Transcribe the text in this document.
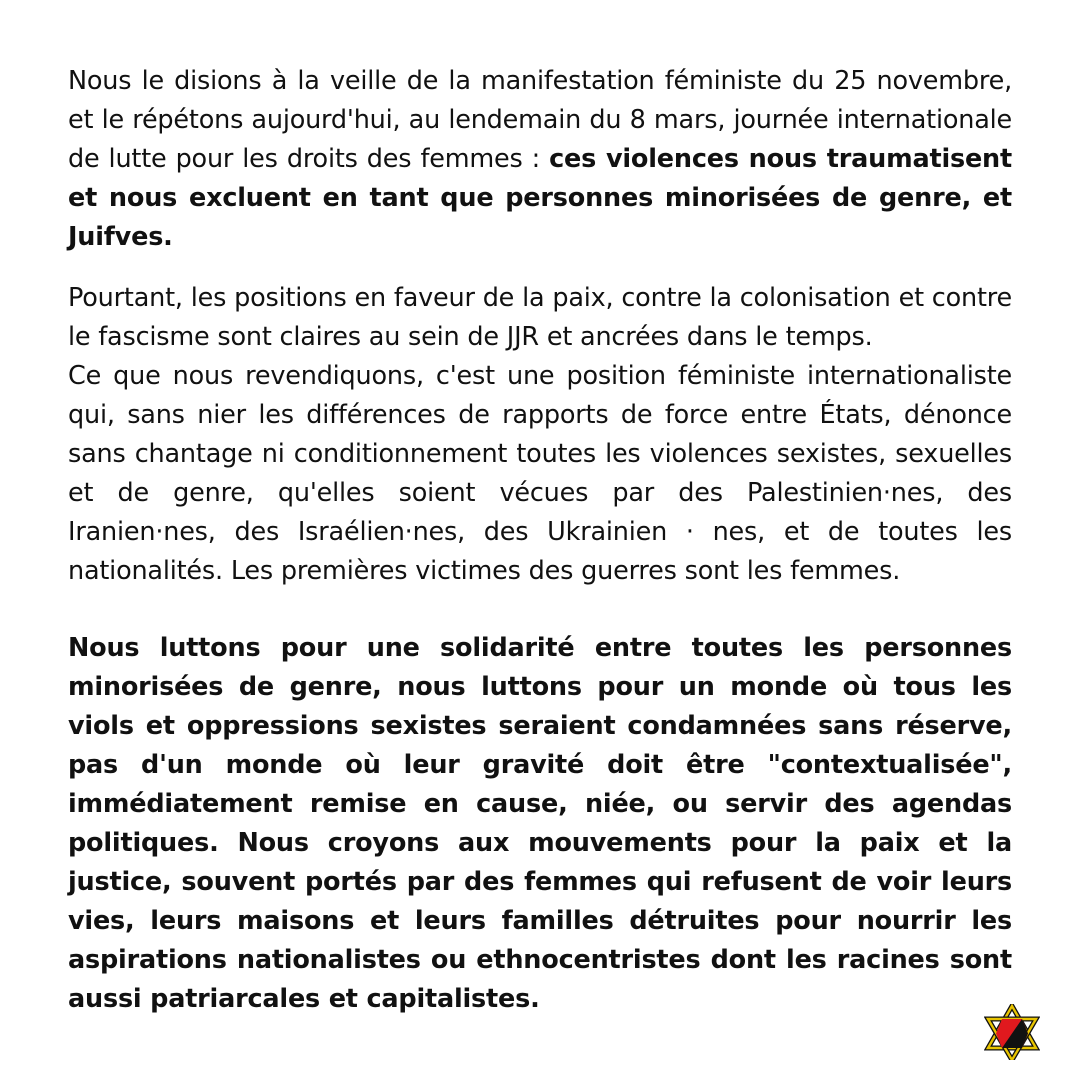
Nous le disions à la veille de la manifestation féministe du 25 novembre, et le répétons aujourd'hui, au lendemain du 8 mars, journée internationale de lutte pour les droits des femmes : ces violences nous traumatisent et nous excluent en tant que personnes minorisées de genre, et Juifves.

Pourtant, les positions en faveur de la paix, contre la colonisation et contre le fascisme sont claires au sein de JJR et ancrées dans le temps.
Ce que nous revendiquons, c'est une position féministe internationaliste qui, sans nier les différences de rapports de force entre États, dénonce sans chantage ni conditionnement toutes les violences sexistes, sexuelles et de genre, qu'elles soient vécues par des Palestinien·nes, des Iranien·nes, des Israélien·nes, des Ukrainien · nes, et de toutes les nationalités. Les premières victimes des guerres sont les femmes.

Nous luttons pour une solidarité entre toutes les personnes minorisées de genre, nous luttons pour un monde où tous les viols et oppressions sexistes seraient condamnées sans réserve, pas d'un monde où leur gravité doit être "contextualisée", immédiatement remise en cause, niée, ou servir des agendas politiques. Nous croyons aux mouvements pour la paix et la justice, souvent portés par des femmes qui refusent de voir leurs vies, leurs maisons et leurs familles détruites pour nourrir les aspirations nationalistes ou ethnocentristes dont les racines sont aussi patriarcales et capitalistes.
